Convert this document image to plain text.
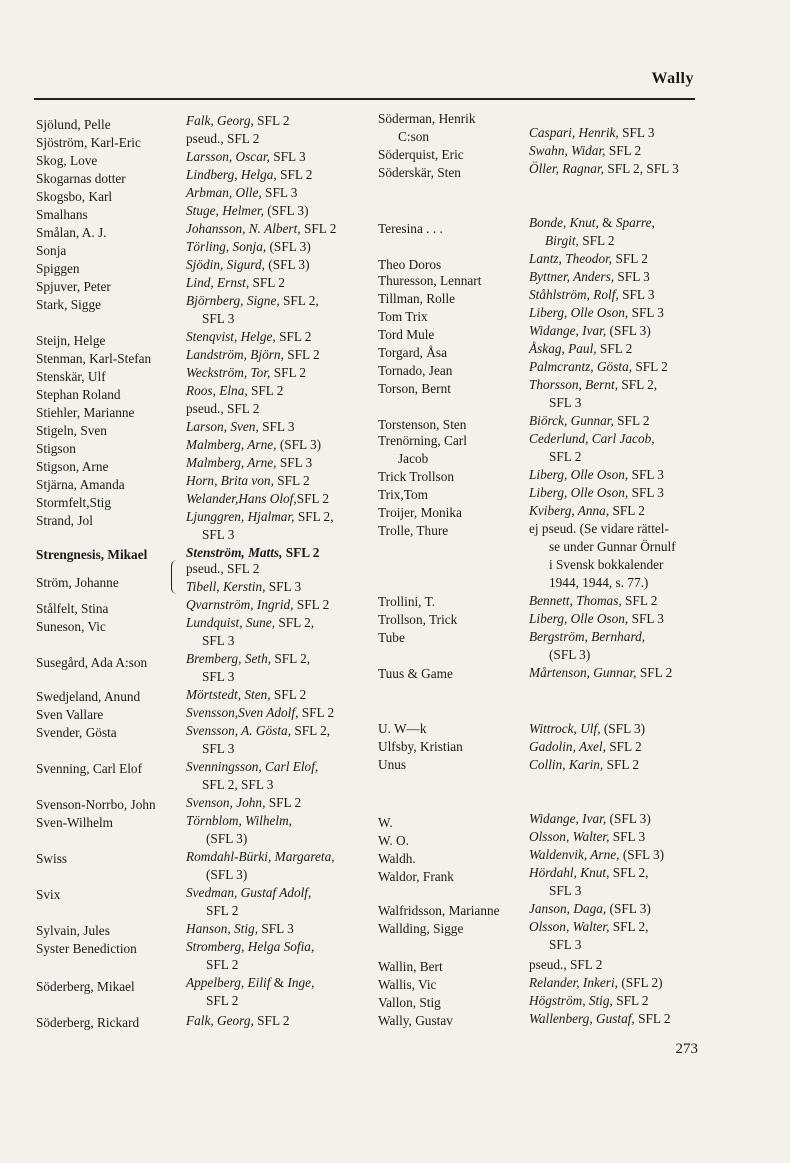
Wally
Sjölund, Pelle
Sjöström, Karl-Eric
Skog, Love
Skogarnas dotter
Skogsbo, Karl
Smalhans
Smålan, A. J.
Sonja
Spiggen
Spjuver, Peter
Stark, Sigge
Steijn, Helge
Stenman, Karl-Stefan
Stenskär, Ulf
Stephan Roland
Stiehler, Marianne
Stigeln, Sven
Stigson
Stigson, Arne
Stjärna, Amanda
Stormfelt,Stig
Strand, Jol
Strengnesis, Mikael
Ström, Johanne
Stålfelt, Stina
Suneson, Vic
Susegård, Ada A:son
Swedjeland, Anund
Sven Vallare
Svender, Gösta
Svenning, Carl Elof
Svenson-Norrbo, John
Sven-Wilhelm
Swiss
Svix
Sylvain, Jules
Syster Benediction
Söderberg, Mikael
Söderberg, Rickard
Falk, Georg, SFL 2
pseud., SFL 2
Larsson, Oscar, SFL 3
Lindberg, Helga, SFL 2
Arbman, Olle, SFL 3
Stuge, Helmer, (SFL 3)
Johansson, N. Albert, SFL 2
Törling, Sonja, (SFL 3)
Sjödin, Sigurd, (SFL 3)
Lind, Ernst, SFL 2
Björnberg, Signe, SFL 2,
SFL 3
Stenqvist, Helge, SFL 2
Landström, Björn, SFL 2
Weckström, Tor, SFL 2
Roos, Elna, SFL 2
pseud., SFL 2
Larson, Sven, SFL 3
Malmberg, Arne, (SFL 3)
Malmberg, Arne, SFL 3
Horn, Brita von, SFL 2
Welander,Hans Olof,SFL 2
Ljunggren, Hjalmar, SFL 2,
SFL 3
Stenström, Matts, SFL 2
pseud., SFL 2
Tibell, Kerstin, SFL 3
Qvarnström, Ingrid, SFL 2
Lundquist, Sune, SFL 2,
SFL 3
Bremberg, Seth, SFL 2,
SFL 3
Mörtstedt, Sten, SFL 2
Svensson,Sven Adolf, SFL 2
Svensson, A. Gösta, SFL 2,
SFL 3
Svenningsson, Carl Elof,
SFL 2, SFL 3
Svenson, John, SFL 2
Törnblom, Wilhelm,
(SFL 3)
Romdahl-Bürki, Margareta,
(SFL 3)
Svedman, Gustaf Adolf,
SFL 2
Hanson, Stig, SFL 3
Stromberg, Helga Sofia,
SFL 2
Appelberg, Eilif & Inge,
SFL 2
Falk, Georg, SFL 2
Söderman, Henrik
C:son
Söderquist, Eric
Söderskär, Sten
Teresina . . .
Theo Doros
Thuresson, Lennart
Tillman, Rolle
Tom Trix
Tord Mule
Torgard, Åsa
Tornado, Jean
Torson, Bernt
Torstenson, Sten
Trenörning, Carl
Jacob
Trick Trollson
Trix,Tom
Troijer, Monika
Trolle, Thure
Trollini, T.
Trollson, Trick
Tube
Tuus & Game
U. W—k
Ulfsby, Kristian
Unus
W.
W. O.
Waldh.
Waldor, Frank
Walfridsson, Marianne
Wallding, Sigge
Wallin, Bert
Wallis, Vic
Vallon, Stig
Wally, Gustav
Caspari, Henrik, SFL 3
Swahn, Widar, SFL 2
Öller, Ragnar, SFL 2, SFL 3
Bonde, Knut, & Sparre,
Birgit, SFL 2
Lantz, Theodor, SFL 2
Byttner, Anders, SFL 3
Ståhlström, Rolf, SFL 3
Liberg, Olle Oson, SFL 3
Widange, Ivar, (SFL 3)
Åskag, Paul, SFL 2
Palmcrantz, Gösta, SFL 2
Thorsson, Bernt, SFL 2,
SFL 3
Biörck, Gunnar, SFL 2
Cederlund, Carl Jacob,
SFL 2
Liberg, Olle Oson, SFL 3
Liberg, Olle Oson, SFL 3
Kviberg, Anna, SFL 2
ej pseud. (Se vidare rättel-
se under Gunnar Örnulf
i Svensk bokkalender
1944, 1944, s. 77.)
Bennett, Thomas, SFL 2
Liberg, Olle Oson, SFL 3
Bergström, Bernhard,
(SFL 3)
Mårtenson, Gunnar, SFL 2
Wittrock, Ulf, (SFL 3)
Gadolin, Axel, SFL 2
Collin, Karin, SFL 2
Widange, Ivar, (SFL 3)
Olsson, Walter, SFL 3
Waldenvik, Arne, (SFL 3)
Hördahl, Knut, SFL 2,
SFL 3
Janson, Daga, (SFL 3)
Olsson, Walter, SFL 2,
SFL 3
pseud., SFL 2
Relander, Inkeri, (SFL 2)
Högström, Stig, SFL 2
Wallenberg, Gustaf, SFL 2
273
